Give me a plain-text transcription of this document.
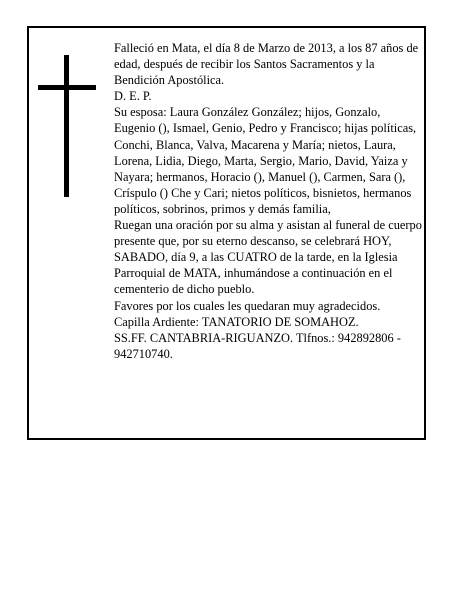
Falleció en Mata, el día 8 de Marzo de 2013, a los 87 años de edad, después de recibir los Santos Sacramentos y la Bendición Apostólica.

D. E. P.

Su esposa: Laura González González; hijos, Gonzalo, Eugenio (), Ismael, Genio, Pedro y Francisco; hijas políticas, Conchi, Blanca, Valva, Macarena y María; nietos, Laura, Lorena, Lidia, Diego, Marta, Sergio, Mario, David, Yaiza y Nayara; hermanos, Horacio (), Manuel (), Carmen, Sara (), Críspulo () Che y Cari; nietos políticos, bisnietos, hermanos políticos, sobrinos, primos y demás familia,

Ruegan una oración por su alma y asistan al funeral de cuerpo presente que, por su eterno descanso, se celebrará HOY, SABADO, día 9, a las CUATRO de la tarde, en la Iglesia Parroquial de MATA, inhumándose a continuación en el cementerio de dicho pueblo.

Favores por los cuales les quedaran muy agradecidos.

Capilla Ardiente: TANATORIO DE SOMAHOZ.

SS.FF. CANTABRIA-RIGUANZO. Tlfnos.: 942892806 - 942710740.
